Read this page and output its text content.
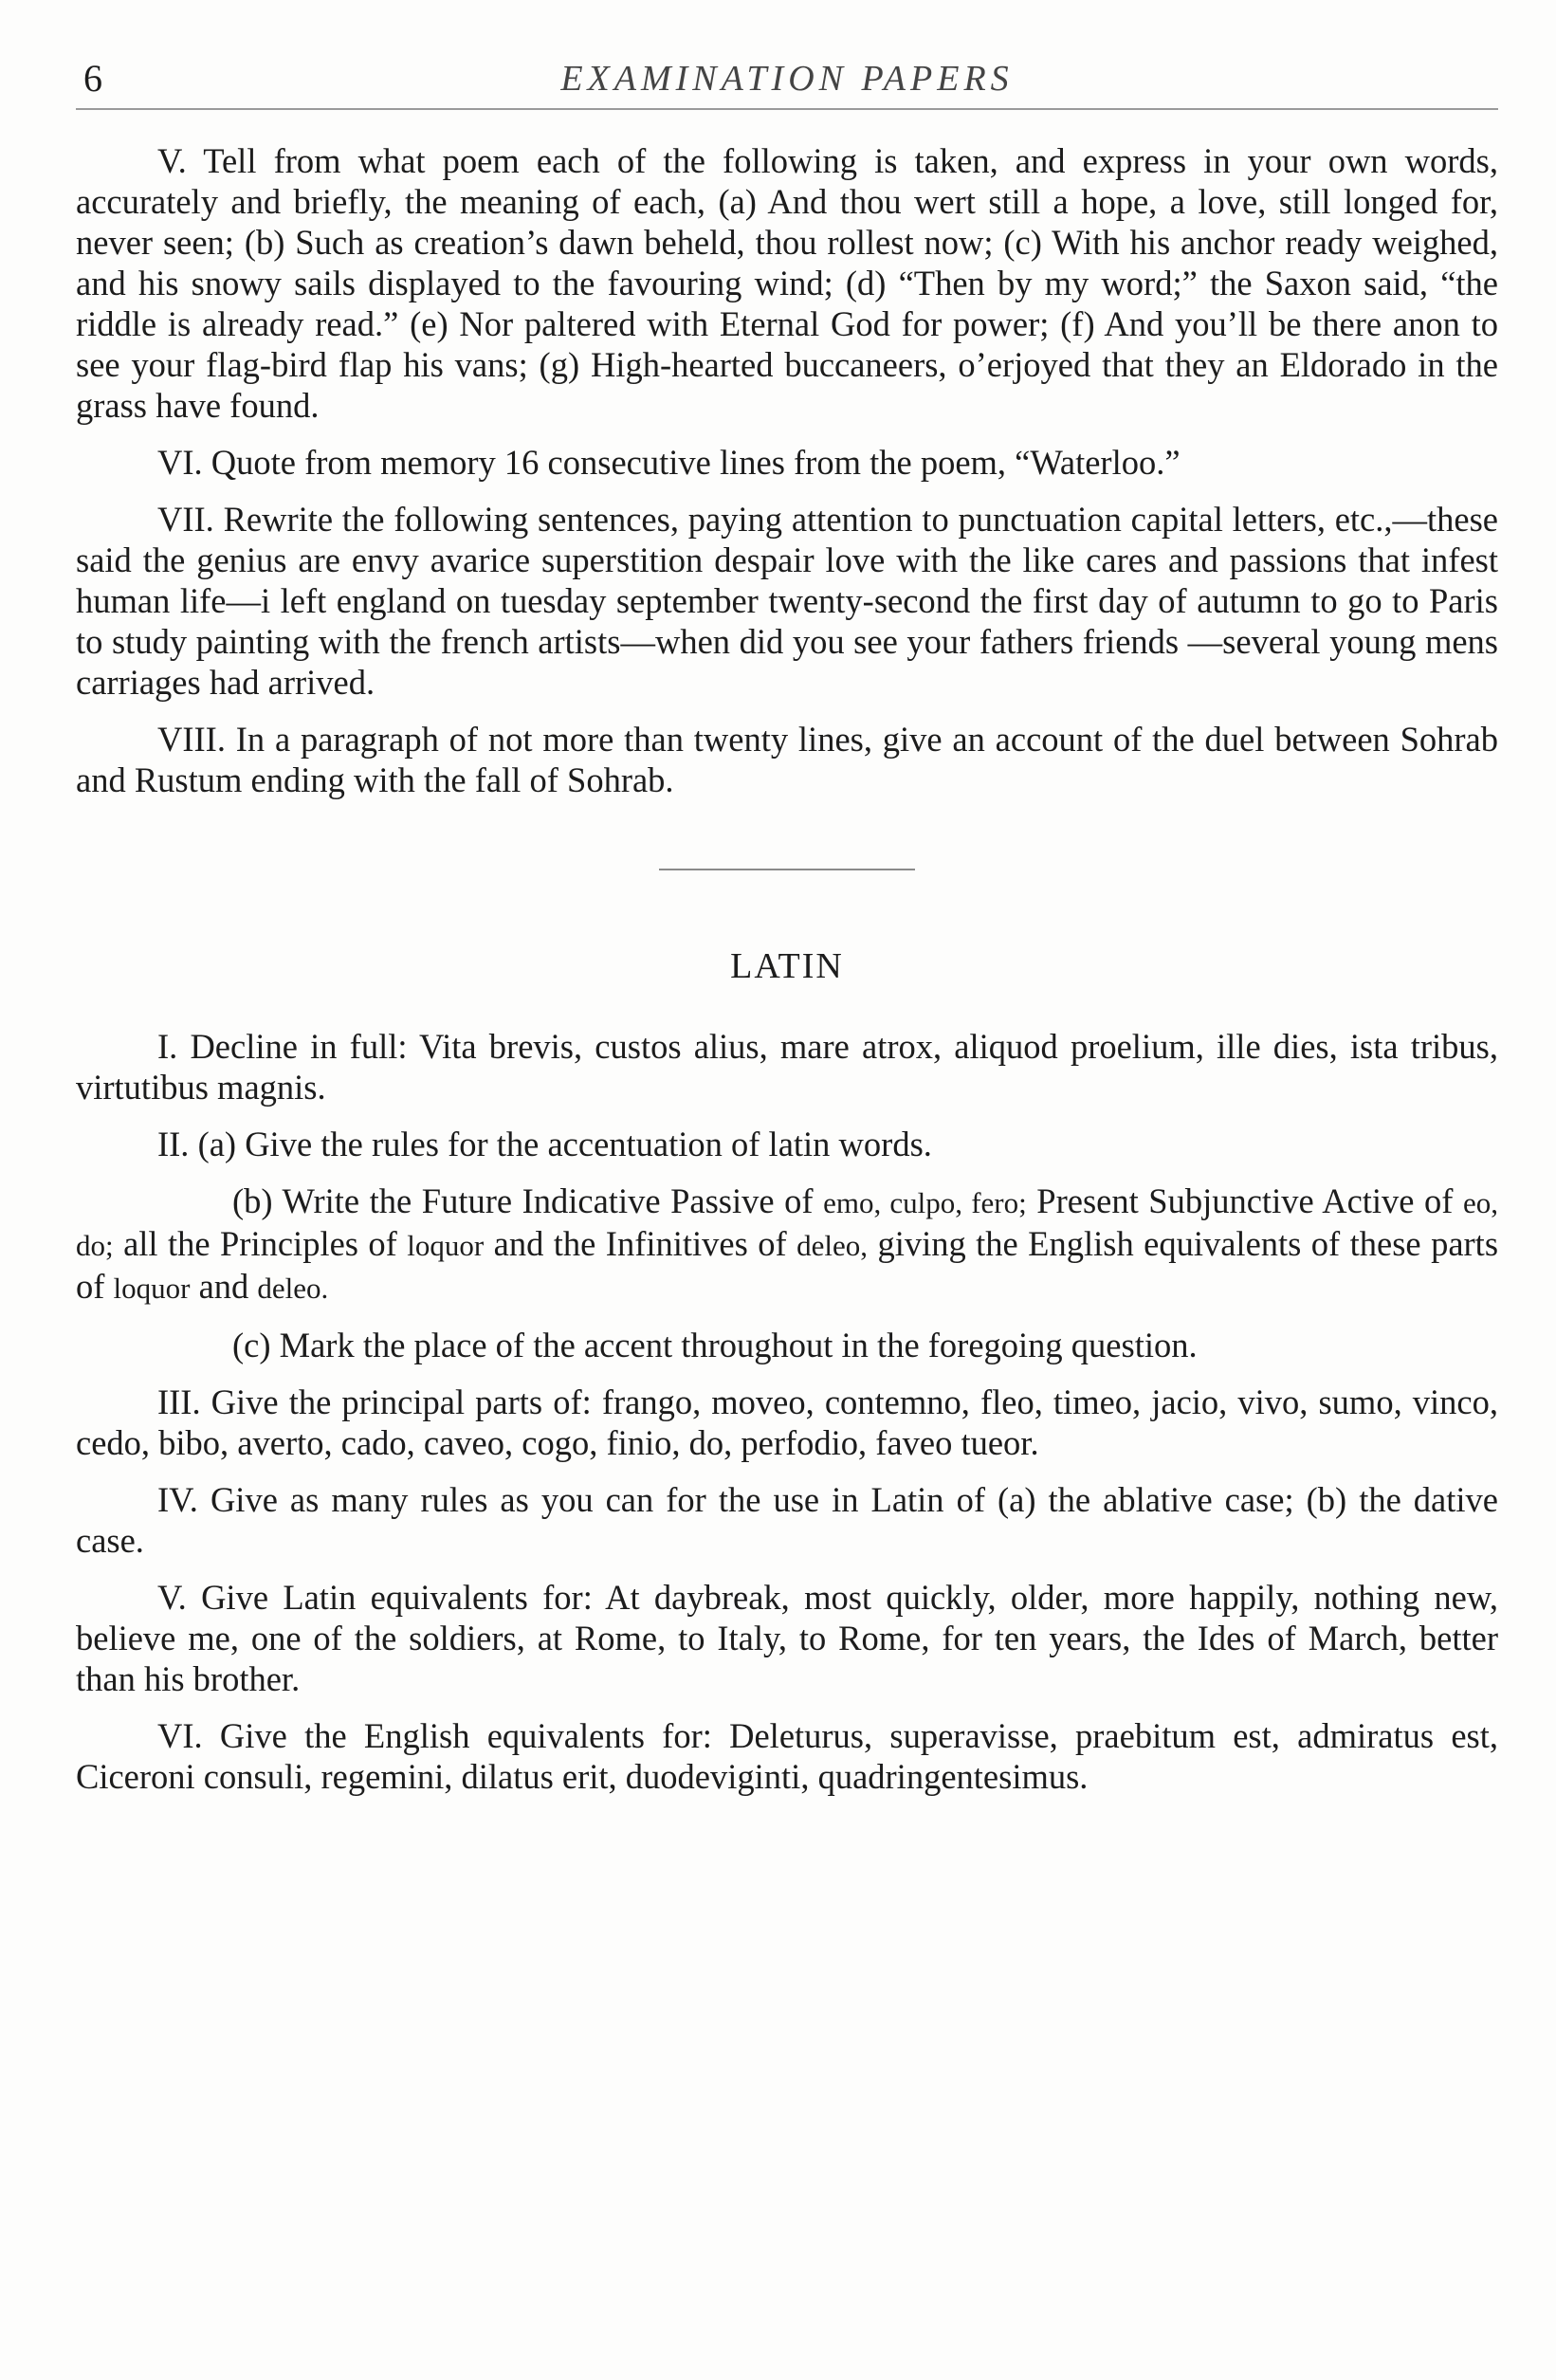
6	EXAMINATION PAPERS

V. Tell from what poem each of the following is taken, and express in your own words, accurately and briefly, the meaning of each, (a) And thou wert still a hope, a love, still longed for, never seen; (b) Such as creation’s dawn beheld, thou rollest now; (c) With his anchor ready weighed, and his snowy sails displayed to the favouring wind; (d) “Then by my word;” the Saxon said, “the riddle is already read.” (e) Nor paltered with Eternal God for power; (f) And you’ll be there anon to see your flag-bird flap his vans; (g) High-hearted buccaneers, o’erjoyed that they an Eldorado in the grass have found.

VI. Quote from memory 16 consecutive lines from the poem, “Waterloo.”

VII. Rewrite the following sentences, paying attention to punctuation capital letters, etc.,—these said the genius are envy avarice superstition despair love with the like cares and passions that infest human life—i left england on tuesday september twenty-second the first day of autumn to go to Paris to study painting with the french artists—when did you see your fathers friends —several young mens carriages had arrived.

VIII. In a paragraph of not more than twenty lines, give an account of the duel between Sohrab and Rustum ending with the fall of Sohrab.

LATIN

I. Decline in full: Vita brevis, custos alius, mare atrox, aliquod proelium, ille dies, ista tribus, virtutibus magnis.

II. (a) Give the rules for the accentuation of latin words.

(b) Write the Future Indicative Passive of emo, culpo, fero; Present Subjunctive Active of eo, do; all the Principles of loquor and the Infinitives of deleo, giving the English equivalents of these parts of loquor and deleo.

(c) Mark the place of the accent throughout in the foregoing question.

III. Give the principal parts of: frango, moveo, contemno, fleo, timeo, jacio, vivo, sumo, vinco, cedo, bibo, averto, cado, caveo, cogo, finio, do, perfodio, faveo tueor.

IV. Give as many rules as you can for the use in Latin of (a) the ablative case; (b) the dative case.

V. Give Latin equivalents for: At daybreak, most quickly, older, more happily, nothing new, believe me, one of the soldiers, at Rome, to Italy, to Rome, for ten years, the Ides of March, better than his brother.

VI. Give the English equivalents for: Deleturus, superavisse, praebitum est, admiratus est, Ciceroni consuli, regemini, dilatus erit, duodeviginti, quadringentesimus.
